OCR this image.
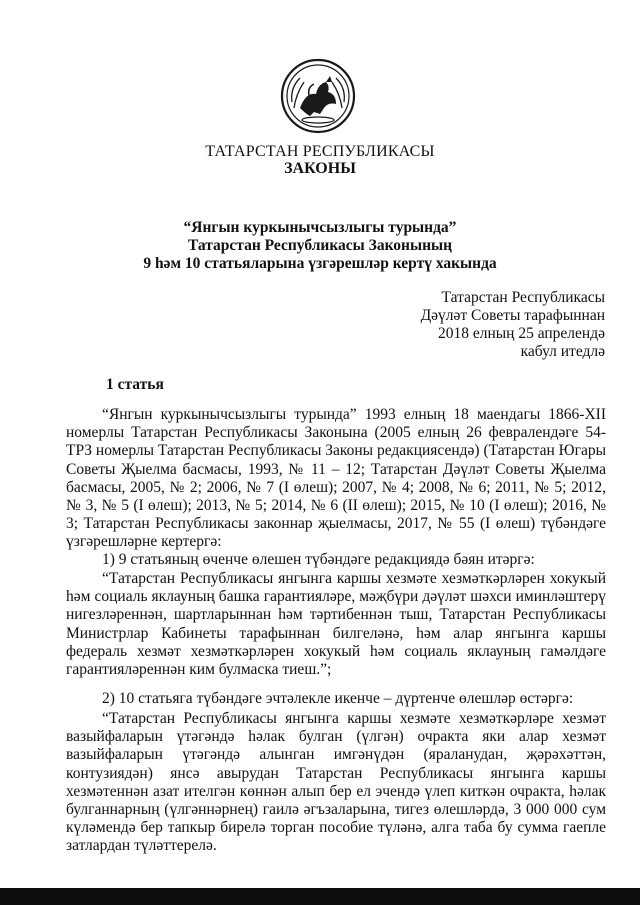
ТАТАРСТАН РЕСПУБЛИКАСЫ
ЗАКОНЫ
“Янгын куркынычсызлыгы турында”
Татарстан Республикасы Законының
9 һәм 10 статьяларына үзгәрешләр кертү хакында
Татарстан Республикасы
Дәүләт Советы тарафыннан
2018 елның 25 апрелендә
кабул итедлә
1 статья

“Янгын куркынычсызлыгы турында” 1993 елның 18 маендагы 1866-XII номерлы Татарстан Республикасы Законына (2005 елның 26 февралендәге 54-ТРЗ номерлы Татарстан Республикасы Законы редакциясендә) (Татарстан Югары Советы Җыелма басмасы, 1993, № 11 – 12; Татарстан Дәүләт Советы Җыелма басмасы, 2005, № 2; 2006, № 7 (I өлеш); 2007, № 4; 2008, № 6; 2011, № 5; 2012, № 3, № 5 (I өлеш); 2013, № 5; 2014, № 6 (II өлеш); 2015, № 10 (I өлеш); 2016, № 3; Татарстан Республикасы законнар җыелмасы, 2017, № 55 (I өлеш) түбәндәге үзгәрешләрне кертергә:

1) 9 статьяның өченче өлешен түбәндәге редакциядә бәян итәргә:

“Татарстан Республикасы янгынга каршы хезмәте хезмәткәрләрен хокукый һәм социаль яклауның башка гарантияләре, мәҗбүри дәүләт шәхси иминләштерү нигезләреннән, шартларыннан һәм тәртибеннән тыш, Татарстан Республикасы Министрлар Кабинеты тарафыннан билгеләнә, һәм алар янгынга каршы федераль хезмәт хезмәткәрләрен хокукый һәм социаль яклауның гамәлдәге гарантияләреннән ким булмаска тиеш.”;

2) 10 статьяга түбәндәге эчтәлекле икенче – дүртенче өлешләр өстәргә:

“Татарстан Республикасы янгынга каршы хезмәте хезмәткәрләре хезмәт вазыйфаларын үтәгәндә һәлак булган (үлгән) очракта яки алар хезмәт вазыйфаларын үтәгәндә алынган имгәнүдән (яраланудан, җәрәхәттән, контузиядән) янсә авырудан Татарстан Республикасы янгынга каршы хезмәтеннән азат ителгән көннән алып бер ел эчендә үлеп киткән очракта, һәлак булганнарның (үлгәннәрнең) гаилә әгъзаларына, тигез өлешләрдә, 3 000 000 сум күләмендә бер тапкыр бирелә торган пособие түләнә, алга таба бу сумма гаепле затлардан түләттерелә.
